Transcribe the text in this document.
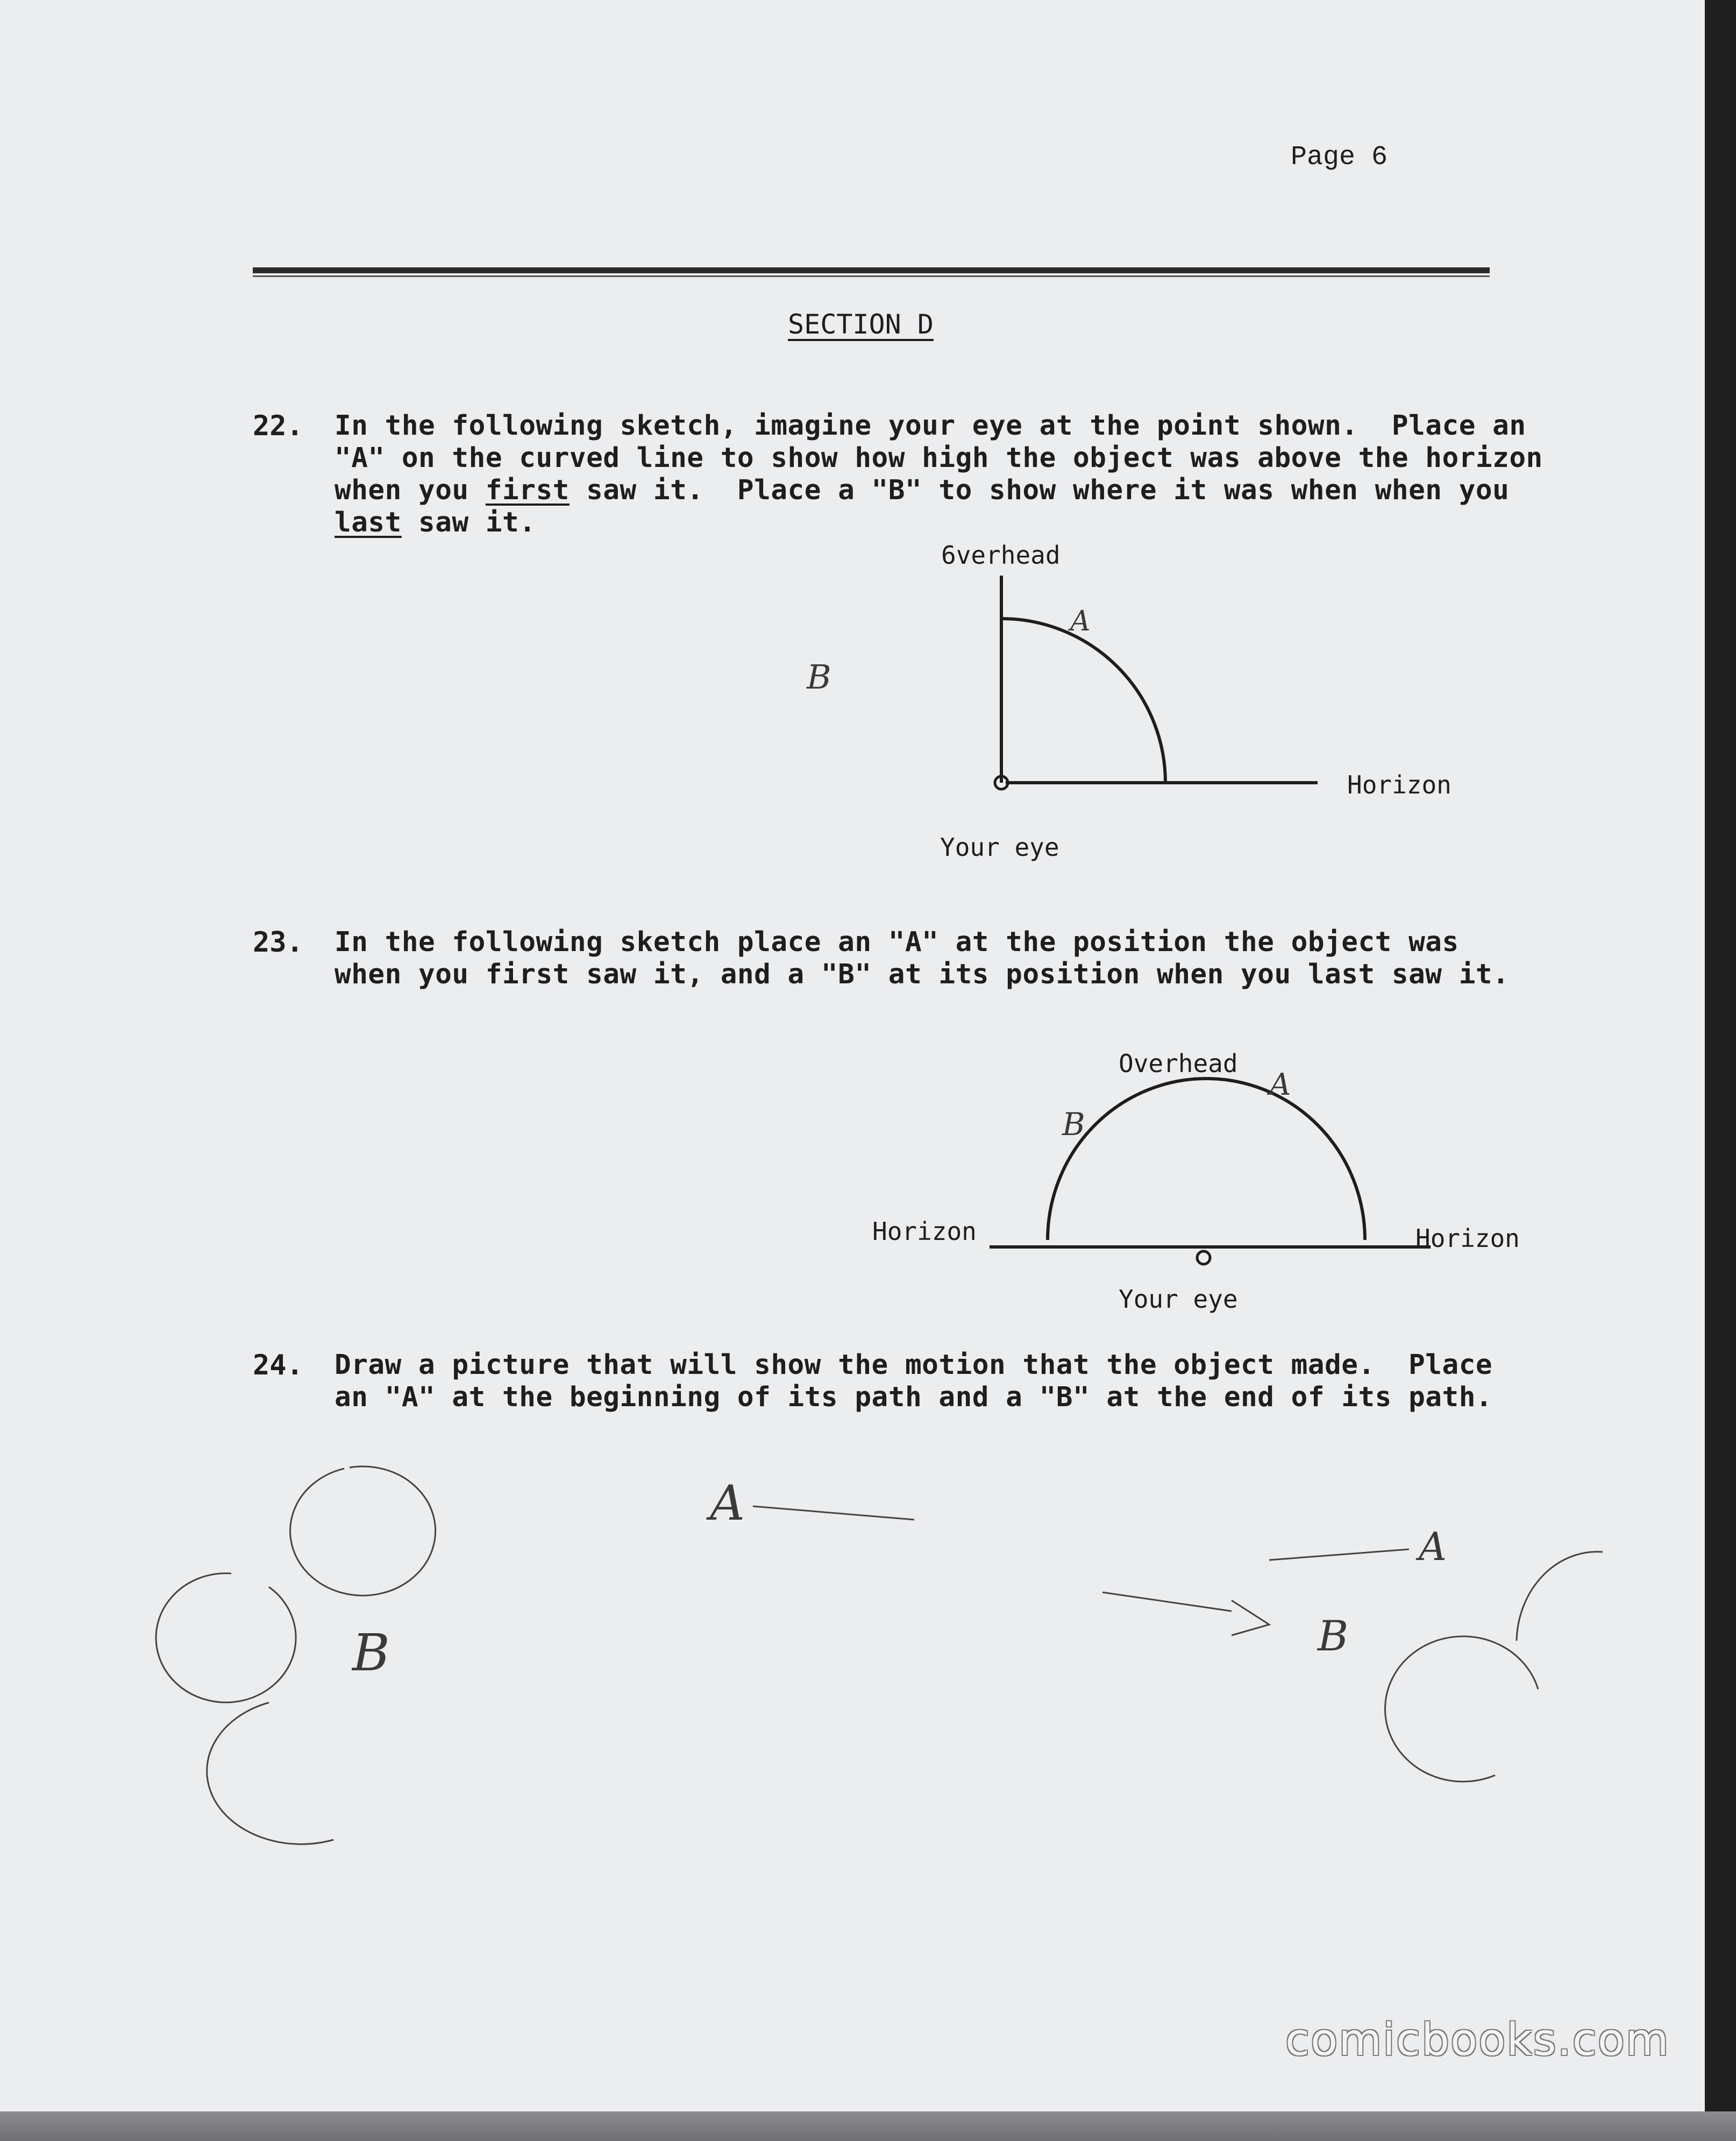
Page 6
SECTION D
22. In the following sketch, imagine your eye at the point shown.  Place an
"A" on the curved line to show how high the object was above the horizon
when you first saw it.  Place a "B" to show where it was when when you
last saw it.
6verhead
Horizon
Your eye
23. In the following sketch place an "A" at the position the object was
when you first saw it, and a "B" at its position when you last saw it.
Overhead
Horizon	Horizon
Your eye
24. Draw a picture that will show the motion that the object made.  Place
an "A" at the beginning of its path and a "B" at the end of its path.
A
B
A
B
A
B
A
B
comicbooks.com
